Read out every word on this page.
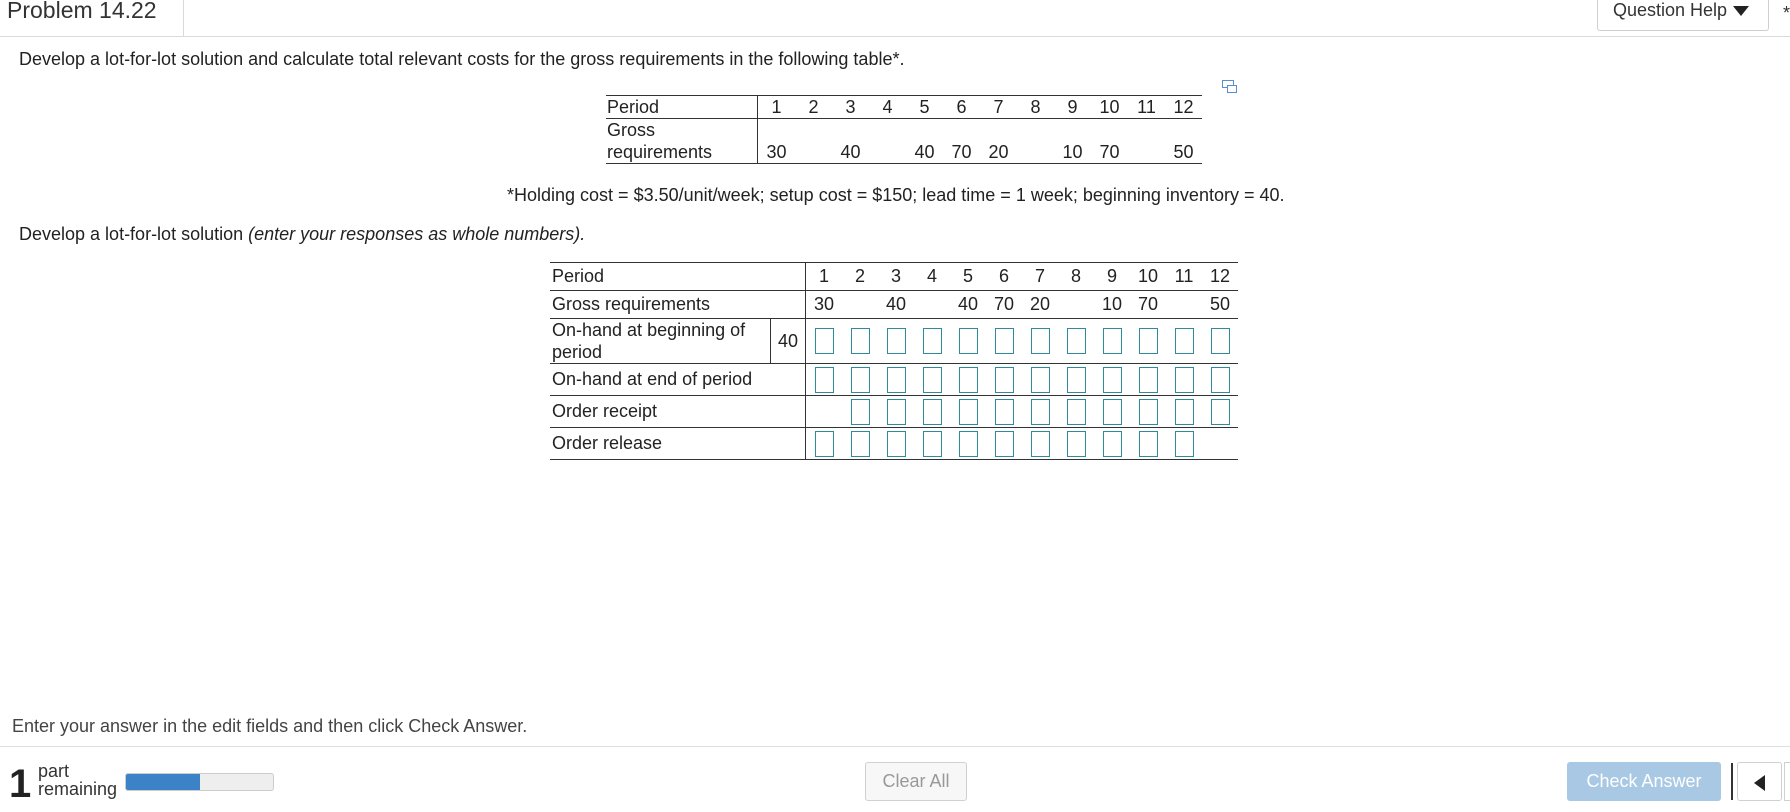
Problem 14.22	Question Help	*
Develop a lot-for-lot solution and calculate total relevant costs for the gross requirements in the following table*.
Period	1	2	3	4	5	6	7	8	9	10	11	12
Gross												
requirements	30		40		40	70	20		10	70		50
*Holding cost = $3.50/unit/week; setup cost = $150; lead time = 1 week; beginning inventory = 40.
Develop a lot-for-lot solution (enter your responses as whole numbers).
Period		1	2	3	4	5	6	7	8	9	10	11	12
Gross requirements		30		40		40	70	20		10	70		50
On-hand at beginning of
period	40												
On-hand at end of period													
Order receipt													
Order release													
Enter your answer in the edit fields and then click Check Answer.
1 part
remaining	Clear All	Check Answer
